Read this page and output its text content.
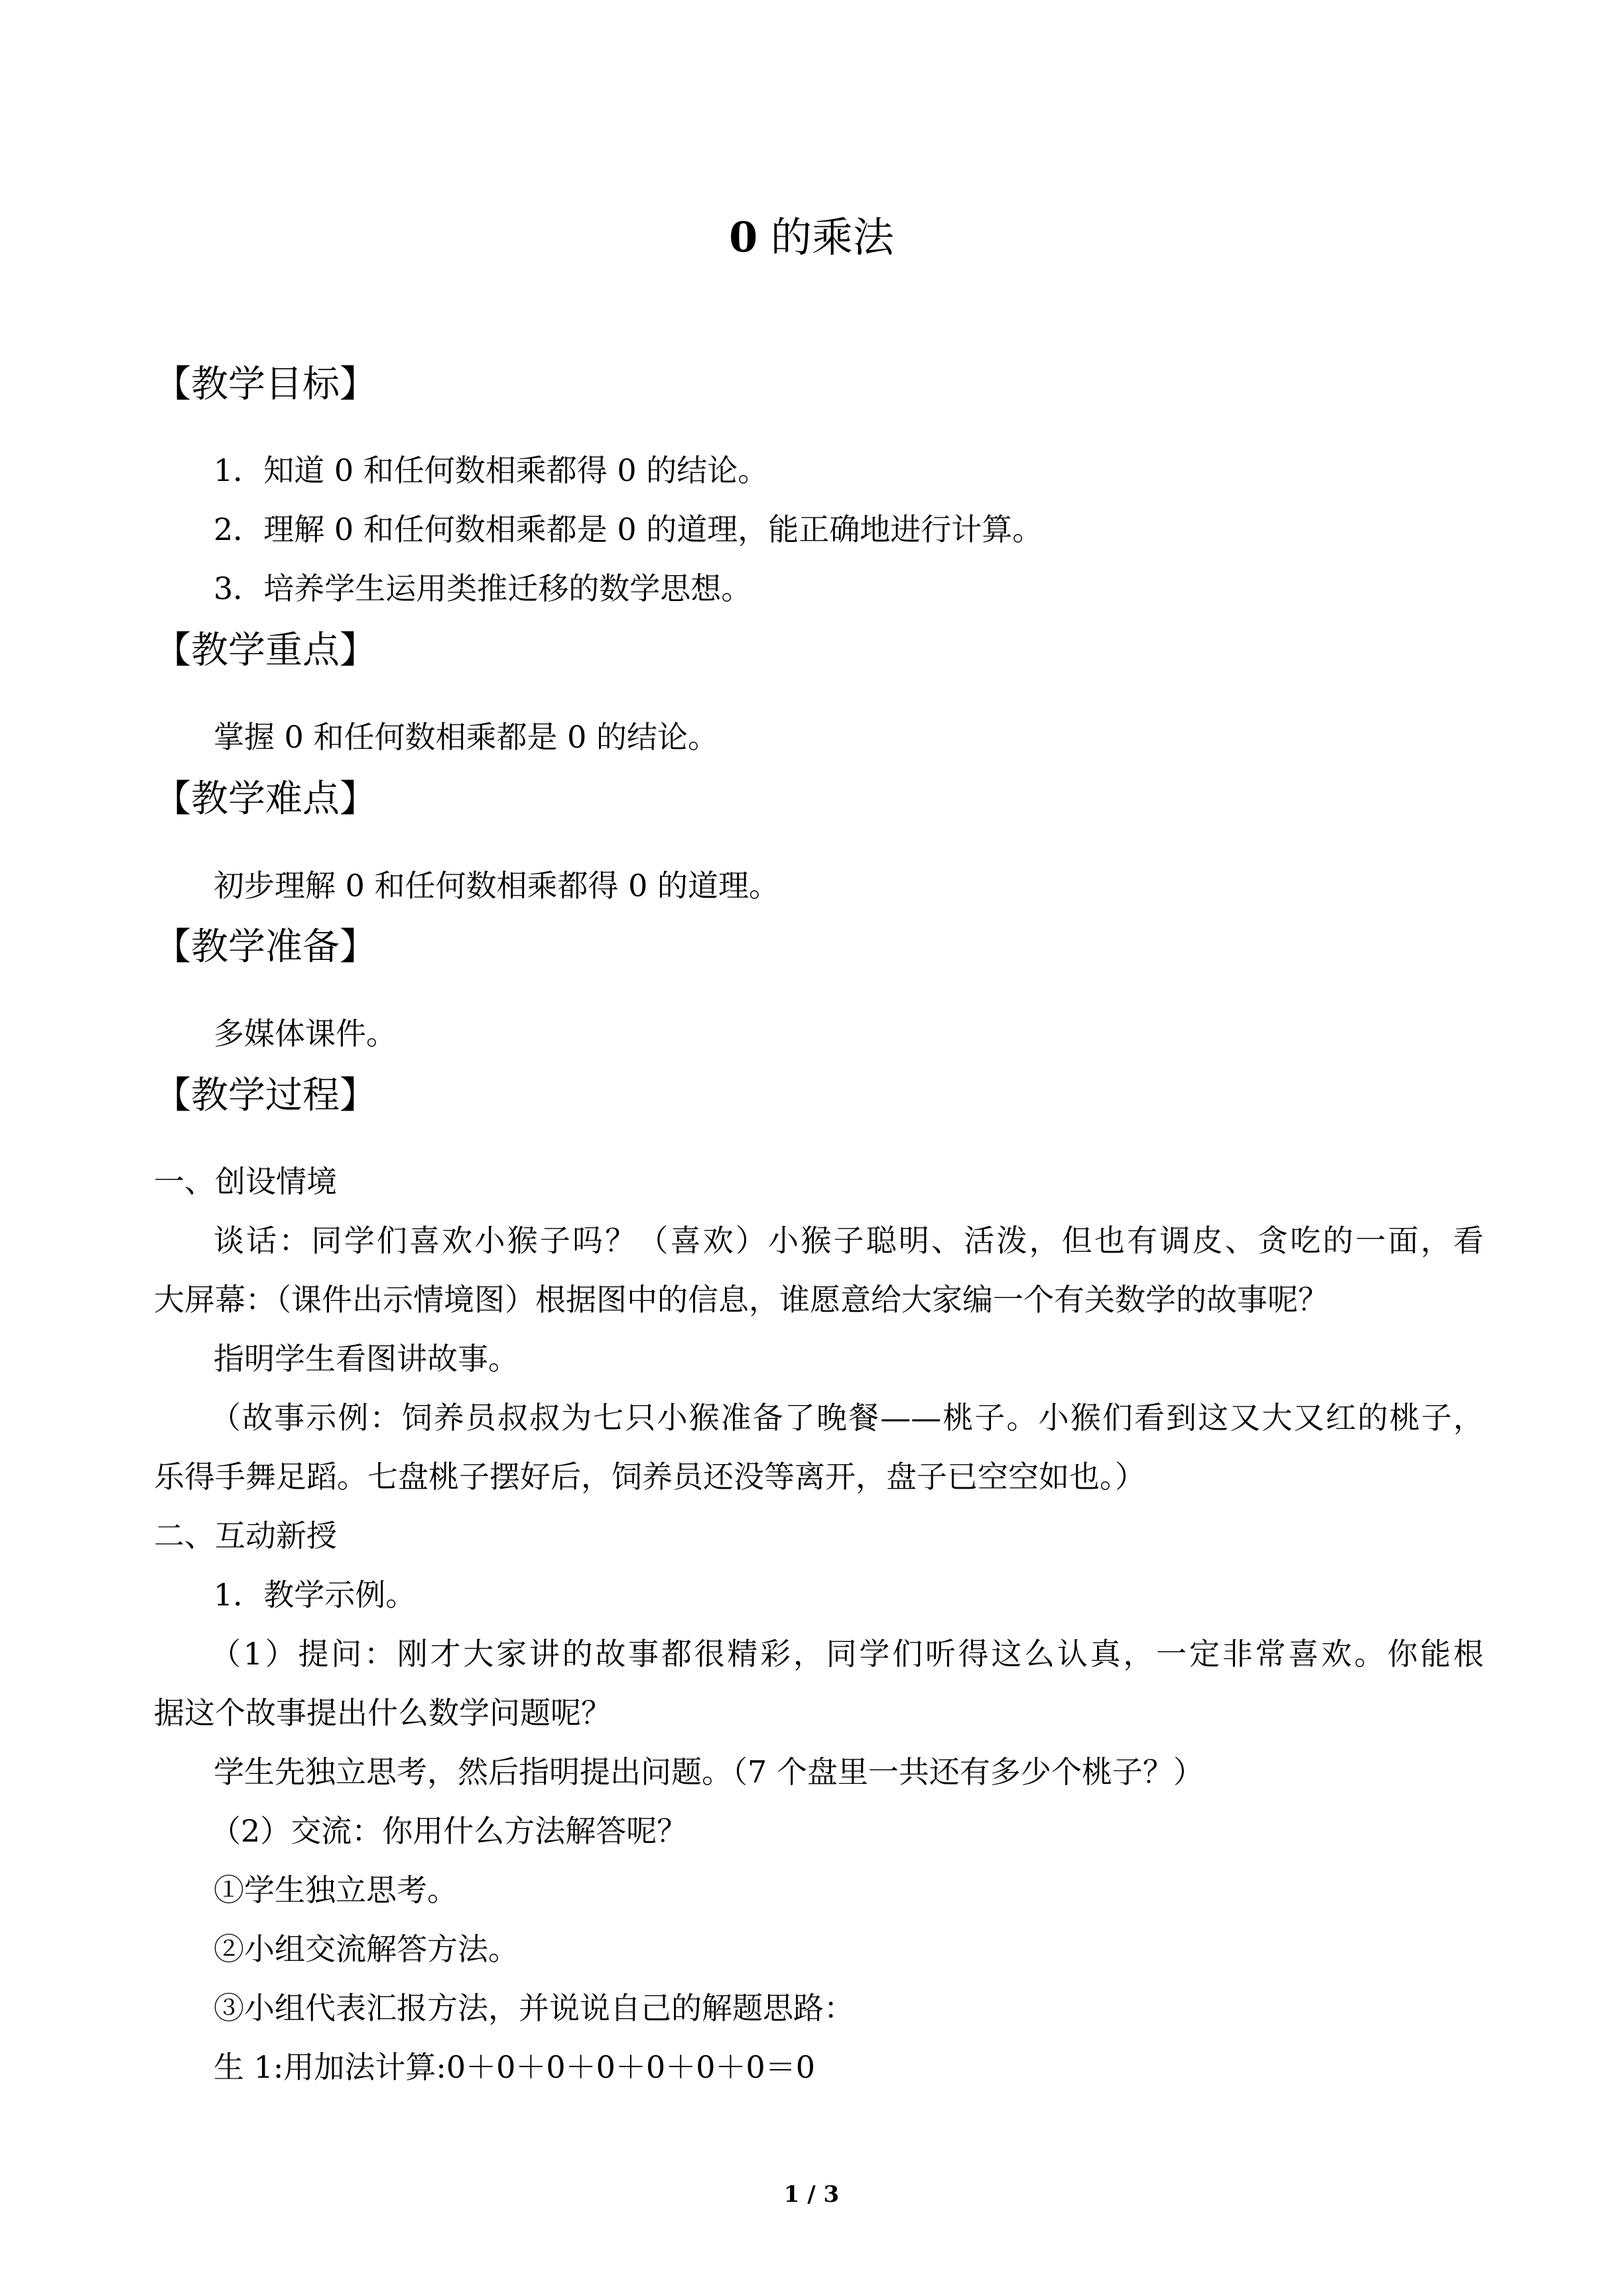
0 的乘法
【教学目标】
1．知道 0 和任何数相乘都得 0 的结论。
2．理解 0 和任何数相乘都是 0 的道理，能正确地进行计算。
3．培养学生运用类推迁移的数学思想。
【教学重点】
掌握 0 和任何数相乘都是 0 的结论。
【教学难点】
初步理解 0 和任何数相乘都得 0 的道理。
【教学准备】
多媒体课件。
【教学过程】
一、创设情境
谈话：同学们喜欢小猴子吗？（喜欢）小猴子聪明、活泼，但也有调皮、贪吃的一面，看
大屏幕：（课件出示情境图）根据图中的信息，谁愿意给大家编一个有关数学的故事呢？
指明学生看图讲故事。
（故事示例：饲养员叔叔为七只小猴准备了晚餐——桃子。小猴们看到这又大又红的桃子，
乐得手舞足蹈。七盘桃子摆好后，饲养员还没等离开，盘子已空空如也。）
二、互动新授
1．教学示例。
（1）提问：刚才大家讲的故事都很精彩，同学们听得这么认真，一定非常喜欢。你能根
据这个故事提出什么数学问题呢？
学生先独立思考，然后指明提出问题。（7 个盘里一共还有多少个桃子？）
（2）交流：你用什么方法解答呢？
①学生独立思考。
②小组交流解答方法。
③小组代表汇报方法，并说说自己的解题思路：
生 1:用加法计算:0＋0＋0＋0＋0＋0＋0＝0
1 / 3
